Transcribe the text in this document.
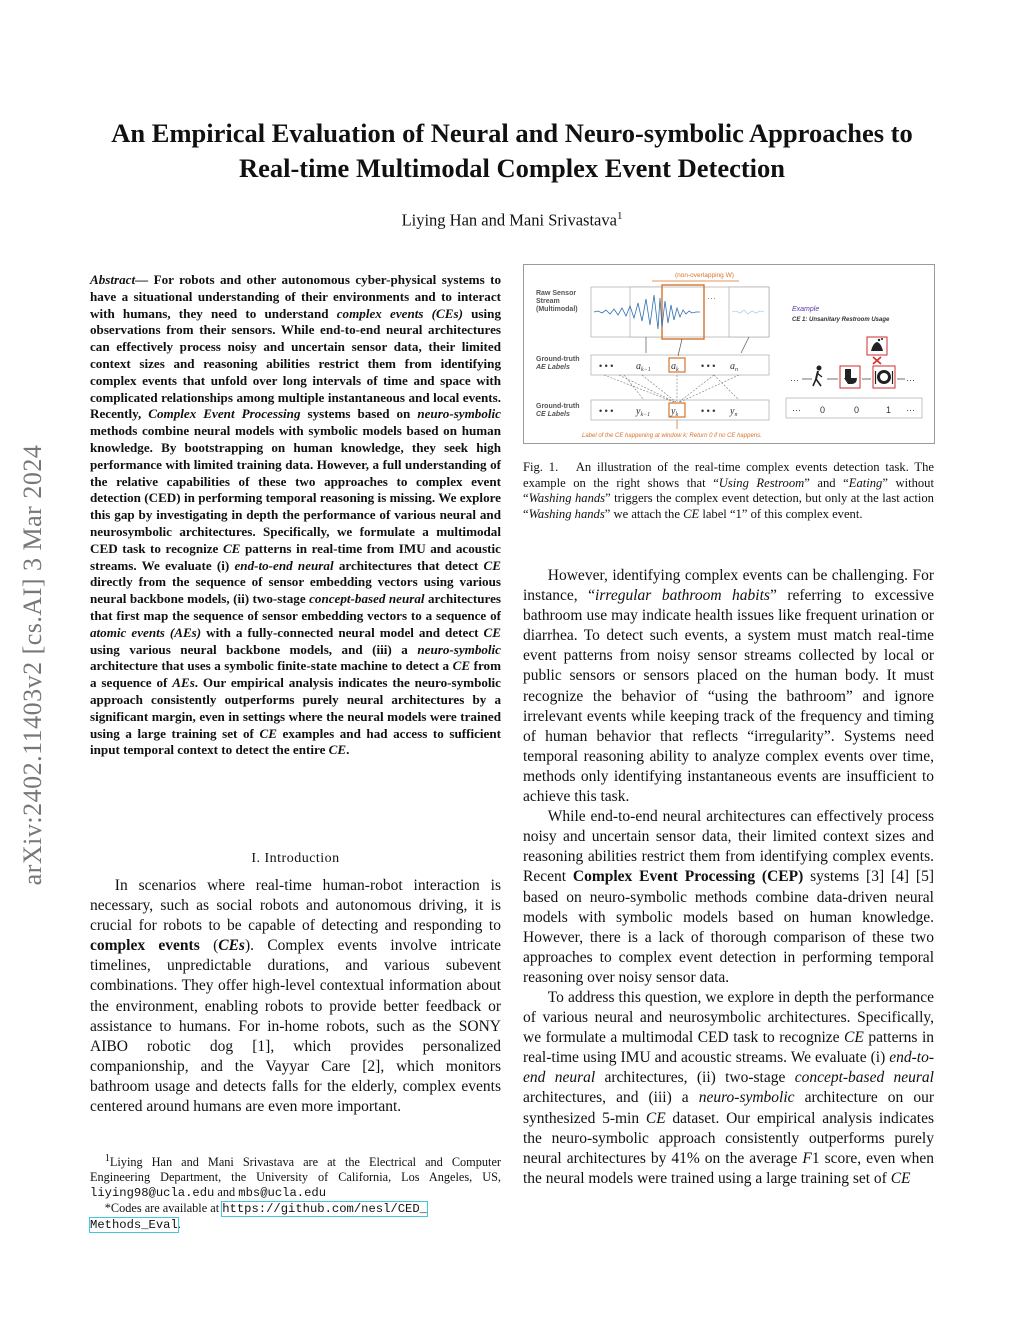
arXiv:2402.11403v2 [cs.AI] 3 Mar 2024
An Empirical Evaluation of Neural and Neuro-symbolic Approaches to
Real-time Multimodal Complex Event Detection
Liying Han and Mani Srivastava$^1$
Abstract— For robots and other autonomous cyber-physical systems to have a situational understanding of their environments and to interact with humans, they need to understand complex events (CEs) using observations from their sensors. While end-to-end neural architectures can effectively process noisy and uncertain sensor data, their limited context sizes and reasoning abilities restrict them from identifying complex events that unfold over long intervals of time and space with complicated relationships among multiple instantaneous and local events. Recently, Complex Event Processing systems based on neuro-symbolic methods combine neural models with symbolic models based on human knowledge. By bootstrapping on human knowledge, they seek high performance with limited training data. However, a full understanding of the relative capabilities of these two approaches to complex event detection (CED) in performing temporal reasoning is missing. We explore this gap by investigating in depth the performance of various neural and neurosymbolic architectures. Specifically, we formulate a multimodal CED task to recognize CE patterns in real-time from IMU and acoustic streams. We evaluate (i) end-to-end neural architectures that detect CE directly from the sequence of sensor embedding vectors using various neural backbone models, (ii) two-stage concept-based neural architectures that first map the sequence of sensor embedding vectors to a sequence of atomic events (AEs) with a fully-connected neural model and detect CE using various neural backbone models, and (iii) a neuro-symbolic architecture that uses a symbolic finite-state machine to detect a CE from a sequence of AEs. Our empirical analysis indicates the neuro-symbolic approach consistently outperforms purely neural architectures by a significant margin, even in settings where the neural models were trained using a large training set of CE examples and had access to sufficient input temporal context to detect the entire CE.
I. Introduction

In scenarios where real-time human-robot interaction is necessary, such as social robots and autonomous driving, it is crucial for robots to be capable of detecting and responding to complex events (CEs). Complex events involve intricate timelines, unpredictable durations, and various subevent combinations. They offer high-level contextual information about the environment, enabling robots to provide better feedback or assistance to humans. For in-home robots, such as the SONY AIBO robotic dog [1], which provides personalized companionship, and the Vayyar Care [2], which monitors bathroom usage and detects falls for the elderly, complex events centered around humans are even more important.

$^1$Liying Han and Mani Srivastava are at the Electrical and Computer Engineering Department, the University of California, Los Angeles, US, liying98@ucla.edu and mbs@ucla.edu
*Codes are available at https://github.com/nesl/CED_
Methods_Eval.
Raw Sensor
Stream
(Multimodal)
Ground-truth
AE Labels
Ground-truth
CE Labels
(non-overlapping W)
···
• • • $a_{k-1}$ $a_k$ • • • $a_n$
• • • $y_{k-1}$ $y_k$	• • • $y_n$
Label of the CE happening at window k; Return 0 if no CE happens.
Example
CE 1: Unsanitary Restroom Usage
···	···
··· 0	0	1 ···
Fig. 1. An illustration of the real-time complex events detection task. The example on the right shows that “Using Restroom” and “Eating” without “Washing hands” triggers the complex event detection, but only at the last action “Washing hands” we attach the CE label “1” of this complex event.

However, identifying complex events can be challenging. For instance, “irregular bathroom habits” referring to excessive bathroom use may indicate health issues like frequent urination or diarrhea. To detect such events, a system must match real-time event patterns from noisy sensor streams collected by local or public sensors or sensors placed on the human body. It must recognize the behavior of “using the bathroom” and ignore irrelevant events while keeping track of the frequency and timing of human behavior that reflects “irregularity”. Systems need temporal reasoning ability to analyze complex events over time, methods only identifying instantaneous events are insufficient to achieve this task.

While end-to-end neural architectures can effectively process noisy and uncertain sensor data, their limited context sizes and reasoning abilities restrict them from identifying complex events. Recent Complex Event Processing (CEP) systems [3] [4] [5] based on neuro-symbolic methods combine data-driven neural models with symbolic models based on human knowledge. However, there is a lack of thorough comparison of these two approaches to complex event detection in performing temporal reasoning over noisy sensor data.

To address this question, we explore in depth the performance of various neural and neurosymbolic architectures. Specifically, we formulate a multimodal CED task to recognize CE patterns in real-time using IMU and acoustic streams. We evaluate (i) end-to-end neural architectures, (ii) two-stage concept-based neural architectures, and (iii) a neuro-symbolic architecture on our synthesized 5-min CE dataset. Our empirical analysis indicates the neuro-symbolic approach consistently outperforms purely neural architectures by 41% on the average F1 score, even when the neural models were trained using a large training set of CE
